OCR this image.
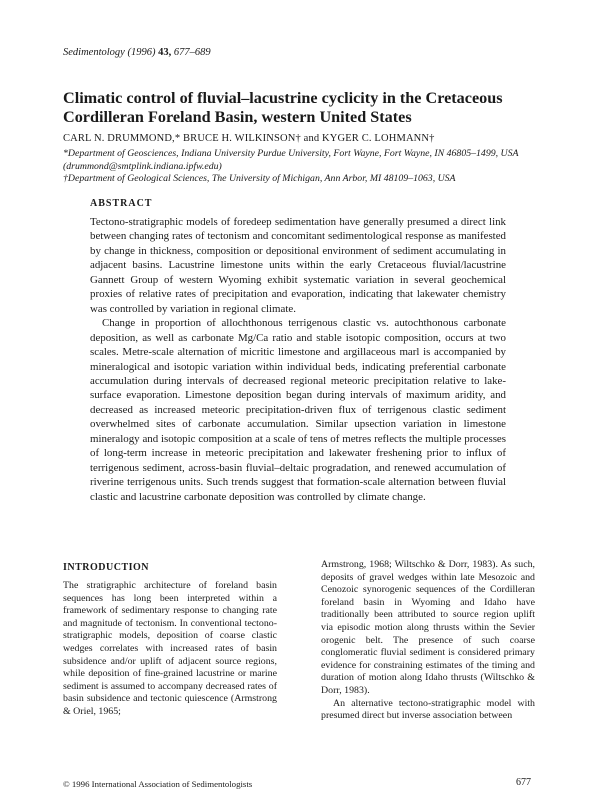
Sedimentology (1996) 43, 677–689
Climatic control of fluvial–lacustrine cyclicity in the Cretaceous Cordilleran Foreland Basin, western United States
CARL N. DRUMMOND,* BRUCE H. WILKINSON† and KYGER C. LOHMANN†
*Department of Geosciences, Indiana University Purdue University, Fort Wayne, Fort Wayne, IN 46805–1499, USA (drummond@smtplink.indiana.ipfw.edu)
†Department of Geological Sciences, The University of Michigan, Ann Arbor, MI 48109–1063, USA
ABSTRACT

Tectono-stratigraphic models of foredeep sedimentation have generally presumed a direct link between changing rates of tectonism and concomitant sedimentological response as manifested by change in thickness, composition or depositional environment of sediment accumulating in adjacent basins. Lacustrine limestone units within the early Cretaceous fluvial/lacustrine Gannett Group of western Wyoming exhibit systematic variation in several geochemical proxies of relative rates of precipitation and evaporation, indicating that lakewater chemistry was controlled by variation in regional climate.

Change in proportion of allochthonous terrigenous clastic vs. autochthonous carbonate deposition, as well as carbonate Mg/Ca ratio and stable isotopic composition, occurs at two scales. Metre-scale alternation of micritic limestone and argillaceous marl is accompanied by mineralogical and isotopic variation within individual beds, indicating preferential carbonate accumulation during intervals of decreased regional meteoric precipitation relative to lake-surface evaporation. Limestone deposition began during intervals of maximum aridity, and decreased as increased meteoric precipitation-driven flux of terrigenous clastic sediment overwhelmed sites of carbonate accumulation. Similar upsection variation in limestone mineralogy and isotopic composition at a scale of tens of metres reflects the multiple processes of long-term increase in meteoric precipitation and lakewater freshening prior to influx of terrigenous sediment, across-basin fluvial–deltaic progradation, and renewed accumulation of riverine terrigenous units. Such trends suggest that formation-scale alternation between fluvial clastic and lacustrine carbonate deposition was controlled by climate change.

INTRODUCTION

The stratigraphic architecture of foreland basin sequences has long been interpreted within a framework of sedimentary response to changing rate and magnitude of tectonism. In conventional tectono-stratigraphic models, deposition of coarse clastic wedges correlates with increased rates of basin subsidence and/or uplift of adjacent source regions, while deposition of fine-grained lacustrine or marine sediment is assumed to accompany decreased rates of basin subsidence and tectonic quiescence (Armstrong & Oriel, 1965;

Armstrong, 1968; Wiltschko & Dorr, 1983). As such, deposits of gravel wedges within late Mesozoic and Cenozoic synorogenic sequences of the Cordilleran foreland basin in Wyoming and Idaho have traditionally been attributed to source region uplift via episodic motion along thrusts within the Sevier orogenic belt. The presence of such coarse conglomeratic fluvial sediment is considered primary evidence for constraining estimates of the timing and duration of motion along Idaho thrusts (Wiltschko & Dorr, 1983).

An alternative tectono-stratigraphic model with presumed direct but inverse association between

© 1996 International Association of Sedimentologists	677
